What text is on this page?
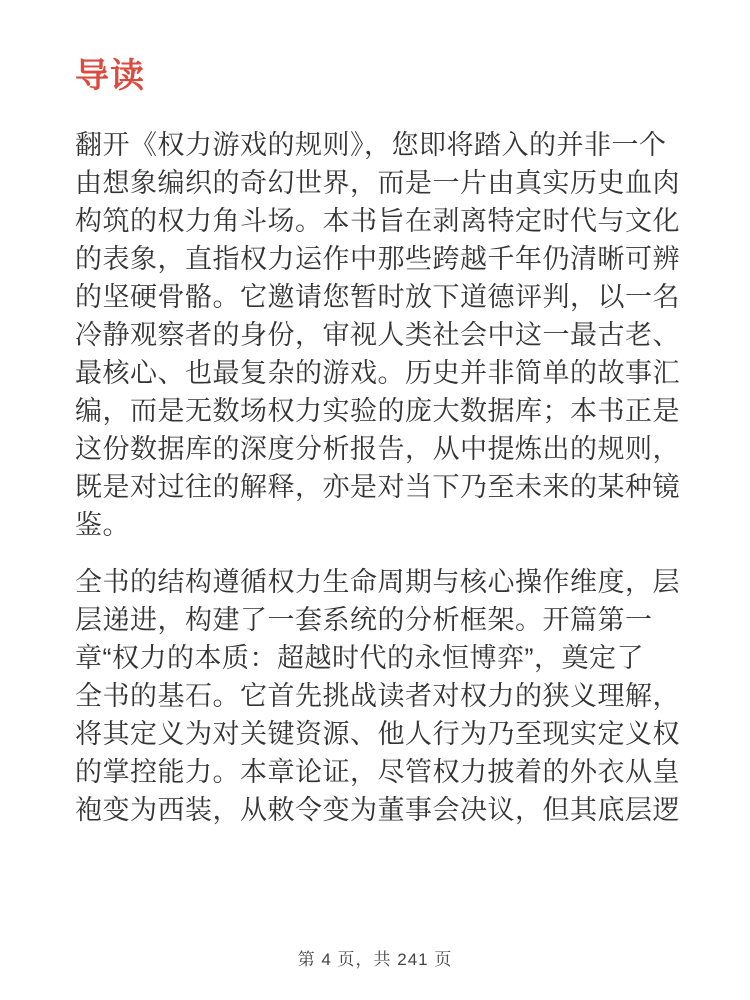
导读
翻开《权力游戏的规则》，您即将踏入的并非一个
由想象编织的奇幻世界，而是一片由真实历史血肉
构筑的权力角斗场。本书旨在剥离特定时代与文化
的表象，直指权力运作中那些跨越千年仍清晰可辨
的坚硬骨骼。它邀请您暂时放下道德评判，以一名
冷静观察者的身份，审视人类社会中这一最古老、
最核心、也最复杂的游戏。历史并非简单的故事汇
编，而是无数场权力实验的庞大数据库；本书正是
这份数据库的深度分析报告，从中提炼出的规则，
既是对过往的解释，亦是对当下乃至未来的某种镜
鉴。
全书的结构遵循权力生命周期与核心操作维度，层
层递进，构建了一套系统的分析框架。开篇第一
章“权力的本质：超越时代的永恒博弈”，奠定了
全书的基石。它首先挑战读者对权力的狭义理解，
将其定义为对关键资源、他人行为乃至现实定义权
的掌控能力。本章论证，尽管权力披着的外衣从皇
袍变为西装，从敕令变为董事会决议，但其底层逻
第 4 页，共 241 页
